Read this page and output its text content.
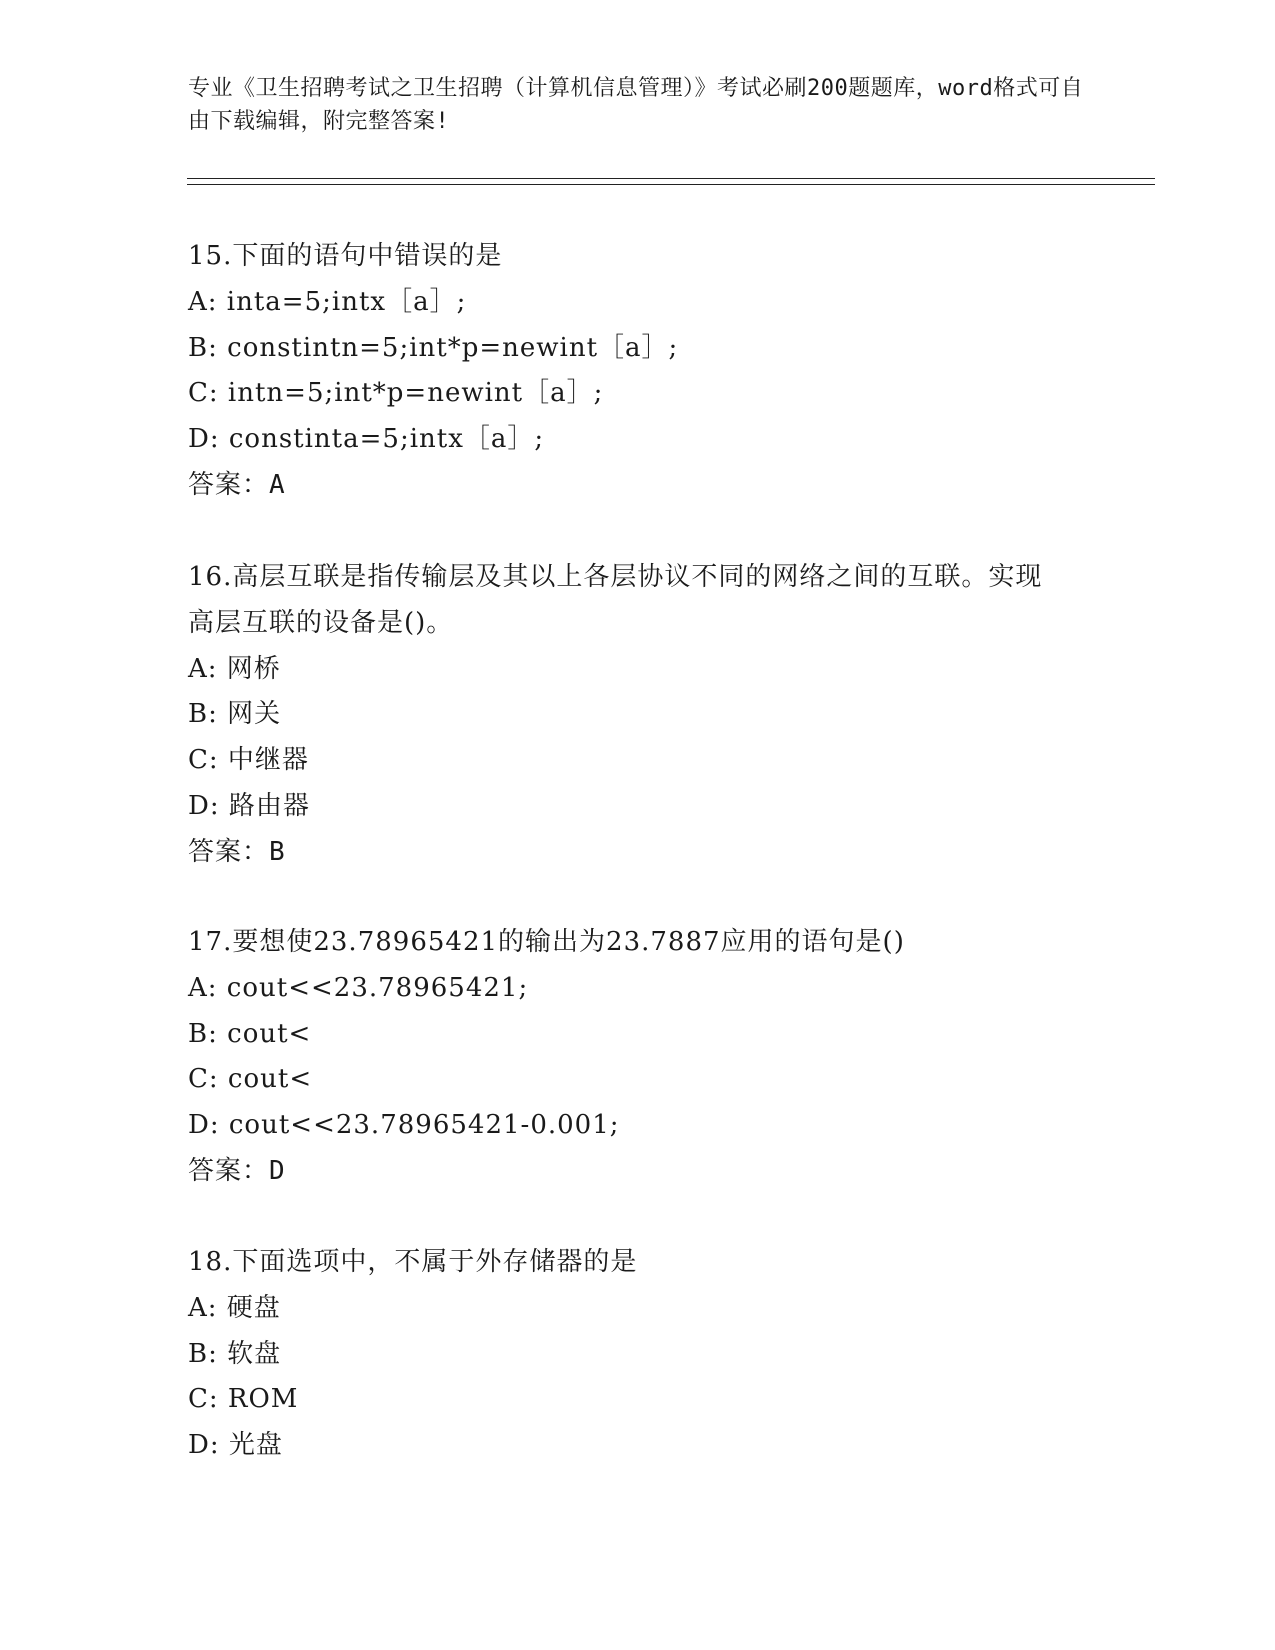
专业《卫生招聘考试之卫生招聘（计算机信息管理）》考试必刷200题题库，word格式可自由下载编辑，附完整答案!
15.下面的语句中错误的是
A: inta=5;intx［a］;
B: constintn=5;int*p=newint［a］;
C: intn=5;int*p=newint［a］;
D: constinta=5;intx［a］;
答案：A
16.高层互联是指传输层及其以上各层协议不同的网络之间的互联。实现高层互联的设备是()。
A: 网桥
B: 网关
C: 中继器
D: 路由器
答案：B
17.要想使23.78965421的输出为23.7887应用的语句是()
A: cout<<23.78965421;
B: cout<
C: cout<
D: cout<<23.78965421-0.001;
答案：D
18.下面选项中，不属于外存储器的是
A: 硬盘
B: 软盘
C: ROM
D: 光盘
